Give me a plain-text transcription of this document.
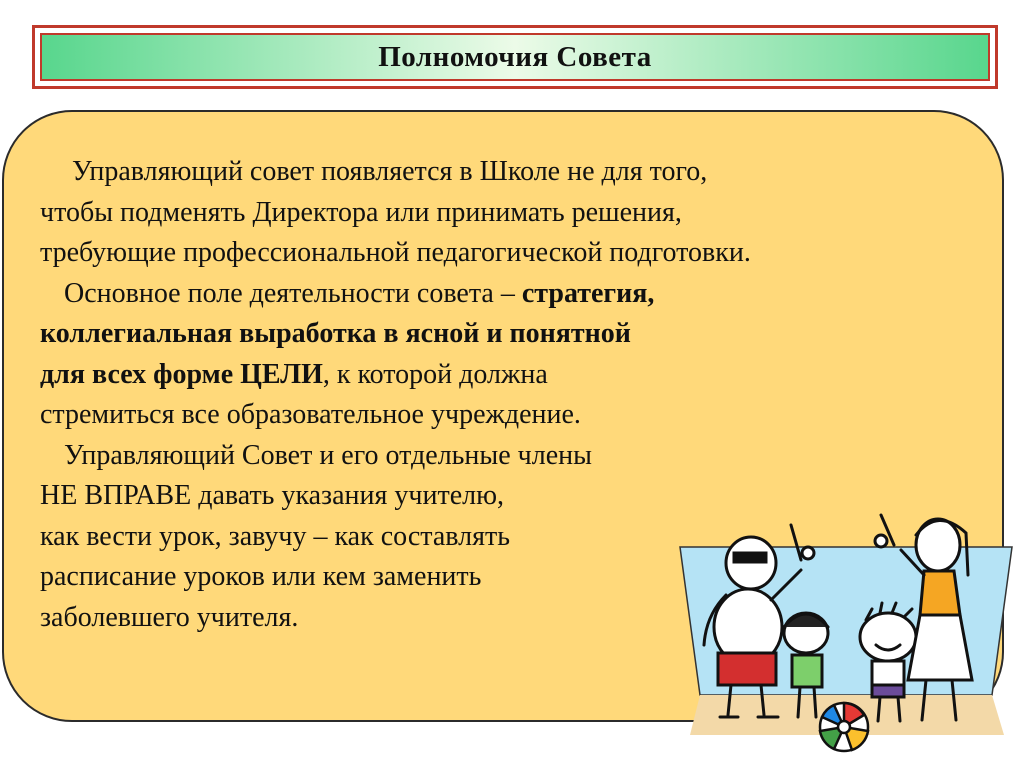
Полномочия Совета

Управляющий совет появляется в Школе не для того,

чтобы подменять Директора или принимать решения,

требующие профессиональной педагогической подготовки.

Основное поле деятельности совета – стратегия,

коллегиальная выработка в ясной и понятной

для всех форме ЦЕЛИ, к которой должна

стремиться все образовательное учреждение.

Управляющий Совет и его отдельные члены

НЕ ВПРАВЕ давать указания учителю,

как вести урок, завучу – как составлять

расписание уроков или кем заменить

заболевшего учителя.
